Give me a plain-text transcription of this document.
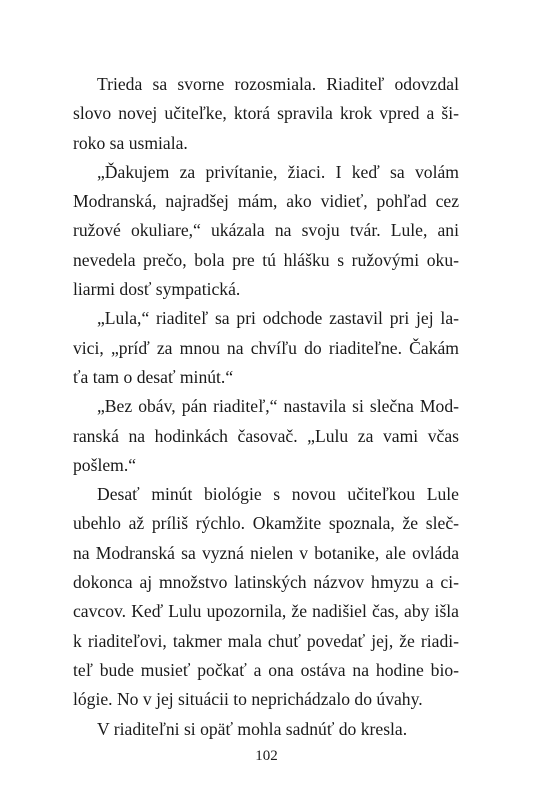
Trieda sa svorne rozosmiala. Riaditeľ odovzdal
slovo novej učiteľke, ktorá spravila krok vpred a ši-
roko sa usmiala.
„Ďakujem za privítanie, žiaci. I keď sa volám
Modranská, najradšej mám, ako vidieť, pohľad cez
ružové okuliare,“ ukázala na svoju tvár. Lule, ani
nevedela prečo, bola pre tú hlášku s ružovými oku-
liarmi dosť sympatická.
„Lula,“ riaditeľ sa pri odchode zastavil pri jej la-
vici, „príď za mnou na chvíľu do riaditeľne. Čakám
ťa tam o desať minút.“
„Bez obáv, pán riaditeľ,“ nastavila si slečna Mod-
ranská na hodinkách časovač. „Lulu za vami včas
pošlem.“
Desať minút biológie s novou učiteľkou Lule
ubehlo až príliš rýchlo. Okamžite spoznala, že sleč-
na Modranská sa vyzná nielen v botanike, ale ovláda
dokonca aj množstvo latinských názvov hmyzu a ci-
cavcov. Keď Lulu upozornila, že nadišiel čas, aby išla
k riaditeľovi, takmer mala chuť povedať jej, že riadi-
teľ bude musieť počkať a ona ostáva na hodine bio-
lógie. No v jej situácii to neprichádzalo do úvahy.
V riaditeľni si opäť mohla sadnúť do kresla.
102
